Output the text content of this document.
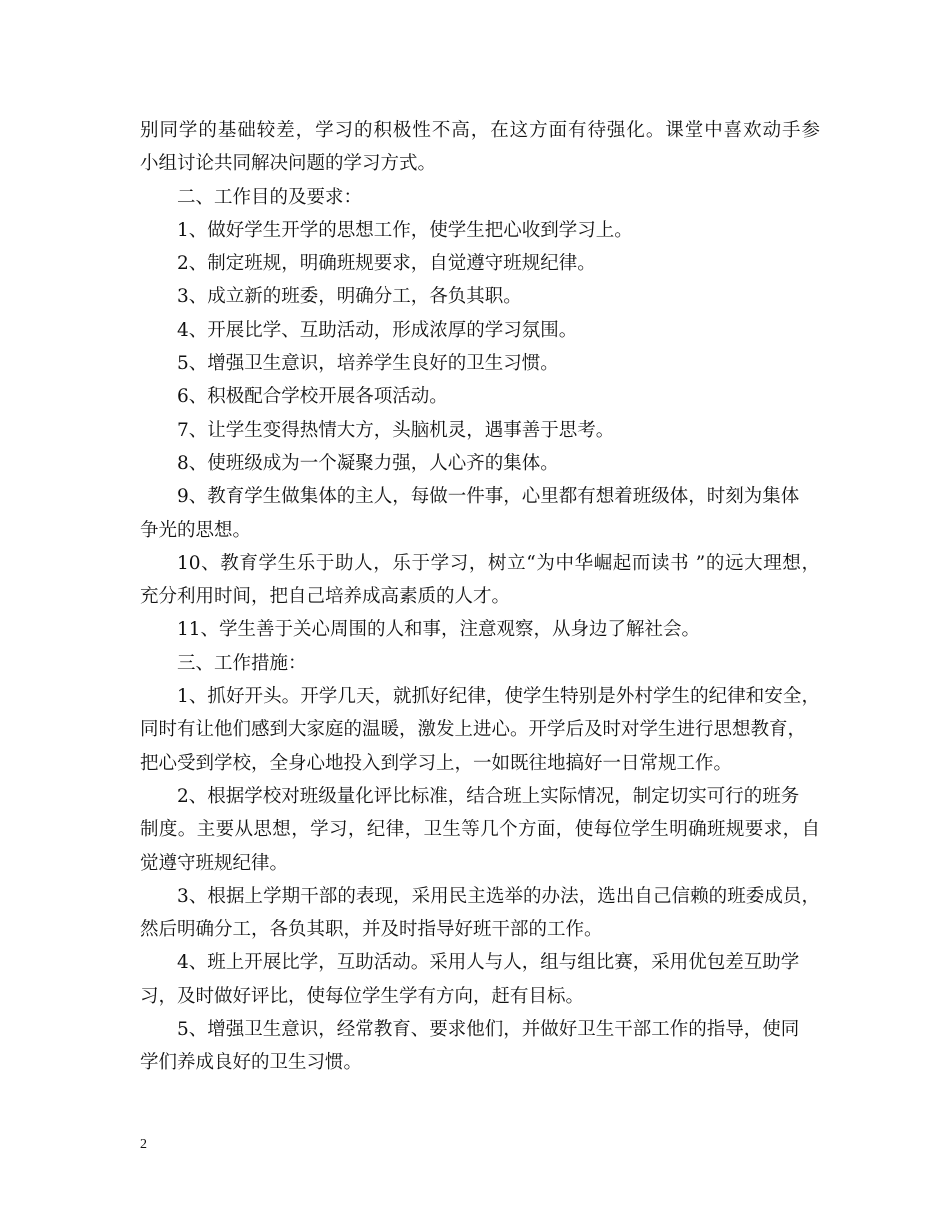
别同学的基础较差，学习的积极性不高，在这方面有待强化。课堂中喜欢动手参
小组讨论共同解决问题的学习方式。
二、工作目的及要求：
1、做好学生开学的思想工作，使学生把心收到学习上。
2、制定班规，明确班规要求，自觉遵守班规纪律。
3、成立新的班委，明确分工，各负其职。
4、开展比学、互助活动，形成浓厚的学习氛围。
5、增强卫生意识，培养学生良好的卫生习惯。
6、积极配合学校开展各项活动。
7、让学生变得热情大方，头脑机灵，遇事善于思考。
8、使班级成为一个凝聚力强，人心齐的集体。
9、教育学生做集体的主人，每做一件事，心里都有想着班级体，时刻为集体
争光的思想。
10、教育学生乐于助人，乐于学习，树立“为中华崛起而读书 ”的远大理想，
充分利用时间，把自己培养成高素质的人才。
11、学生善于关心周围的人和事，注意观察，从身边了解社会。
三、工作措施：
1、抓好开头。开学几天，就抓好纪律，使学生特别是外村学生的纪律和安全，
同时有让他们感到大家庭的温暖，激发上进心。开学后及时对学生进行思想教育，
把心受到学校，全身心地投入到学习上，一如既往地搞好一日常规工作。
2、根据学校对班级量化评比标准，结合班上实际情况，制定切实可行的班务
制度。主要从思想，学习，纪律，卫生等几个方面，使每位学生明确班规要求，自
觉遵守班规纪律。
3、根据上学期干部的表现，采用民主选举的办法，选出自己信赖的班委成员，
然后明确分工，各负其职，并及时指导好班干部的工作。
4、班上开展比学，互助活动。采用人与人，组与组比赛，采用优包差互助学
习，及时做好评比，使每位学生学有方向，赶有目标。
5、增强卫生意识，经常教育、要求他们，并做好卫生干部工作的指导，使同
学们养成良好的卫生习惯。
2
